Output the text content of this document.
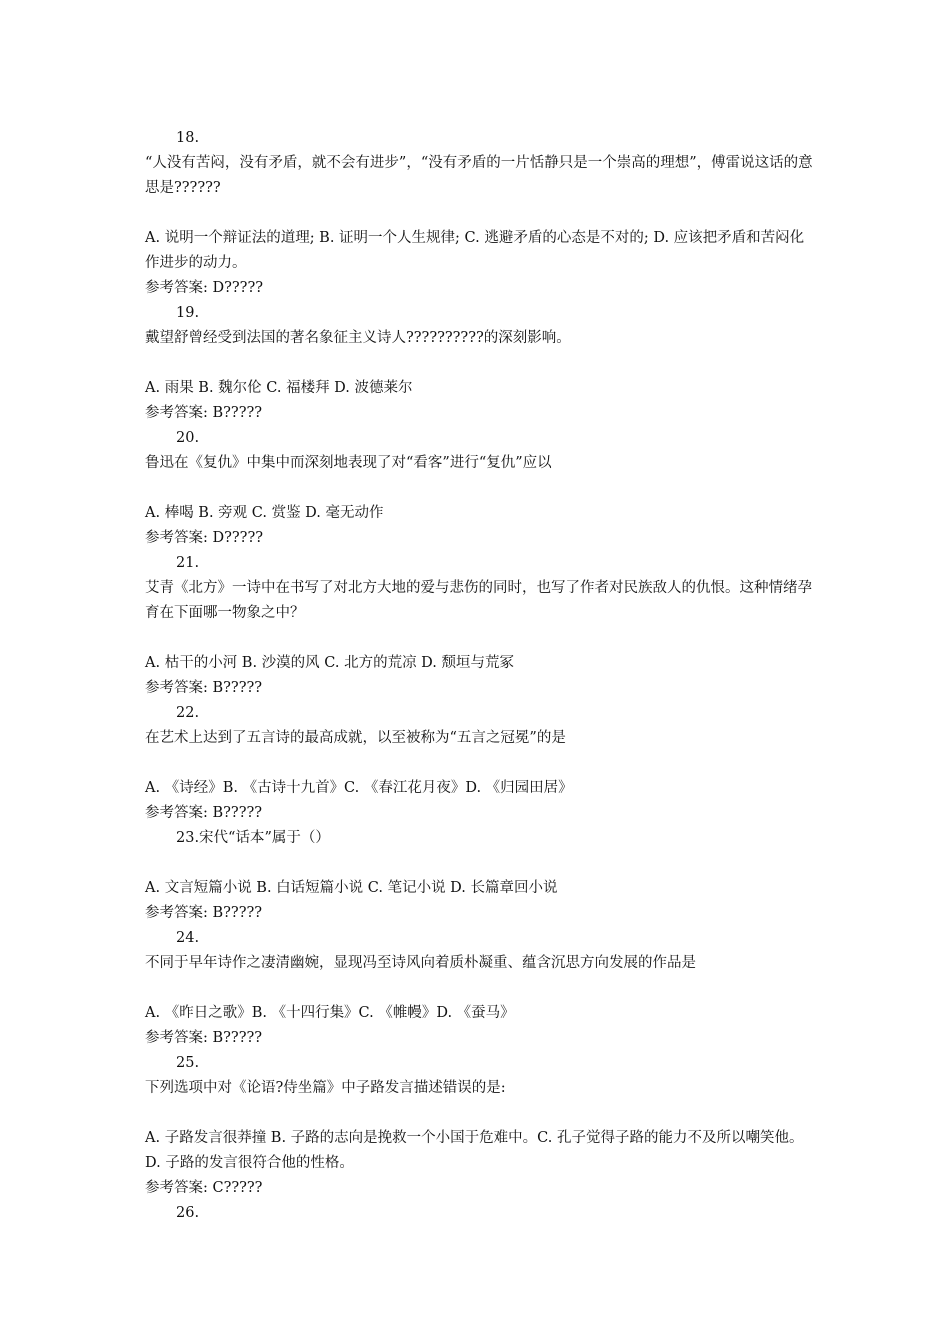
18.
“人没有苦闷，没有矛盾，就不会有进步”，“没有矛盾的一片恬静只是一个崇高的理想”，傅雷说这话的意思是??????
A. 说明一个辩证法的道理; B. 证明一个人生规律; C. 逃避矛盾的心态是不对的; D. 应该把矛盾和苦闷化作进步的动力。
参考答案: D?????
19.
戴望舒曾经受到法国的著名象征主义诗人??????????的深刻影响。
A. 雨果 B. 魏尔伦 C. 福楼拜 D. 波德莱尔
参考答案: B?????
20.
鲁迅在《复仇》中集中而深刻地表现了对“看客”进行“复仇”应以
A. 棒喝 B. 旁观 C. 赏鉴 D. 毫无动作
参考答案: D?????
21.
艾青《北方》一诗中在书写了对北方大地的爱与悲伤的同时，也写了作者对民族敌人的仇恨。这种情绪孕育在下面哪一物象之中？
A. 枯干的小河 B. 沙漠的风 C. 北方的荒凉 D. 颓垣与荒冢
参考答案: B?????
22.
在艺术上达到了五言诗的最高成就，以至被称为“五言之冠冕”的是
A. 《诗经》B. 《古诗十九首》C. 《春江花月夜》D. 《归园田居》
参考答案: B?????
23.宋代“话本”属于（）
A. 文言短篇小说 B. 白话短篇小说 C. 笔记小说 D. 长篇章回小说
参考答案: B?????
24.
不同于早年诗作之凄清幽婉，显现冯至诗风向着质朴凝重、蕴含沉思方向发展的作品是
A. 《昨日之歌》B. 《十四行集》C. 《帷幔》D. 《蚕马》
参考答案: B?????
25.
下列选项中对《论语?侍坐篇》中子路发言描述错误的是:
A. 子路发言很莽撞 B. 子路的志向是挽救一个小国于危难中。C. 孔子觉得子路的能力不及所以嘲笑他。D. 子路的发言很符合他的性格。
参考答案: C?????
26.
